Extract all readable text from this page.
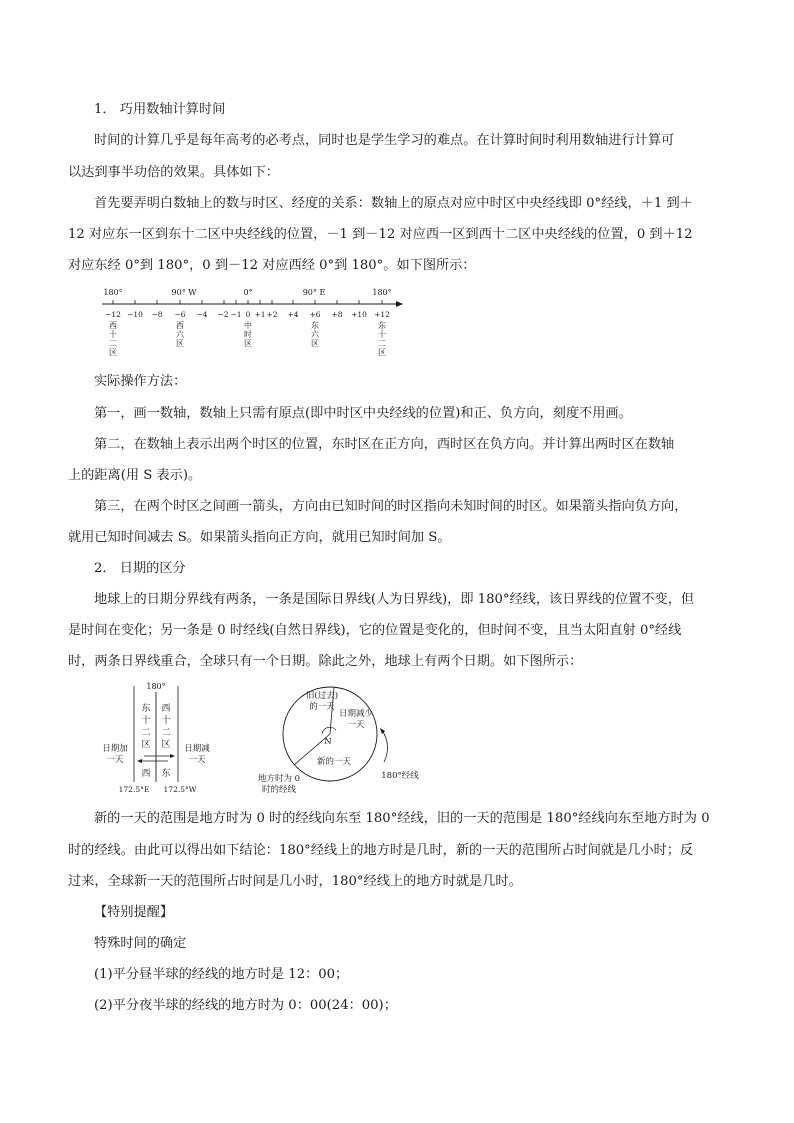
1． 巧用数轴计算时间
时间的计算几乎是每年高考的必考点，同时也是学生学习的难点。在计算时间时利用数轴进行计算可
以达到事半功倍的效果。具体如下：
首先要弄明白数轴上的数与时区、经度的关系：数轴上的原点对应中时区中央经线即 0°经线，＋1 到＋
12 对应东一区到东十二区中央经线的位置，－1 到－12 对应西一区到西十二区中央经线的位置，0 到＋12
对应东经 0°到 180°，0 到－12 对应西经 0°到 180°。如下图所示：
180°	90° W	0°	90° E	180°
−12 −10 −8 −6 −4 −2 −1 0 +1 +2 +4 +6 +8 +10 +12
西
十
二
区
西
六
区
中
时
区
东
六
区
东
十
二
区
实际操作方法：
第一，画一数轴，数轴上只需有原点(即中时区中央经线的位置)和正、负方向，刻度不用画。
第二，在数轴上表示出两个时区的位置，东时区在正方向，西时区在负方向。并计算出两时区在数轴
上的距离(用 S 表示)。
第三，在两个时区之间画一箭头，方向由已知时间的时区指向未知时间的时区。如果箭头指向负方向，
就用已知时间减去 S。如果箭头指向正方向，就用已知时间加 S。
2． 日期的区分
地球上的日期分界线有两条，一条是国际日界线(人为日界线)，即 180°经线，该日界线的位置不变，但
是时间在变化；另一条是 0 时经线(自然日界线)，它的位置是变化的，但时间不变，且当太阳直射 0°经线
时，两条日界线重合，全球只有一个日期。除此之外，地球上有两个日期。如下图所示：
180°
东
十
二
区
西
十
二
区
日期加
一天
日期减
一天
西 东
172.5°E 172.5°W
旧(过去)
的一天
日期减少
一天
N
新的一天
180°经线
地方时为 0
时的经线
新的一天的范围是地方时为 0 时的经线向东至 180°经线，旧的一天的范围是 180°经线向东至地方时为 0
时的经线。由此可以得出如下结论：180°经线上的地方时是几时，新的一天的范围所占时间就是几小时；反
过来，全球新一天的范围所占时间是几小时，180°经线上的地方时就是几时。
【特别提醒】
特殊时间的确定
(1)平分昼半球的经线的地方时是 12：00；
(2)平分夜半球的经线的地方时为 0：00(24：00)；
